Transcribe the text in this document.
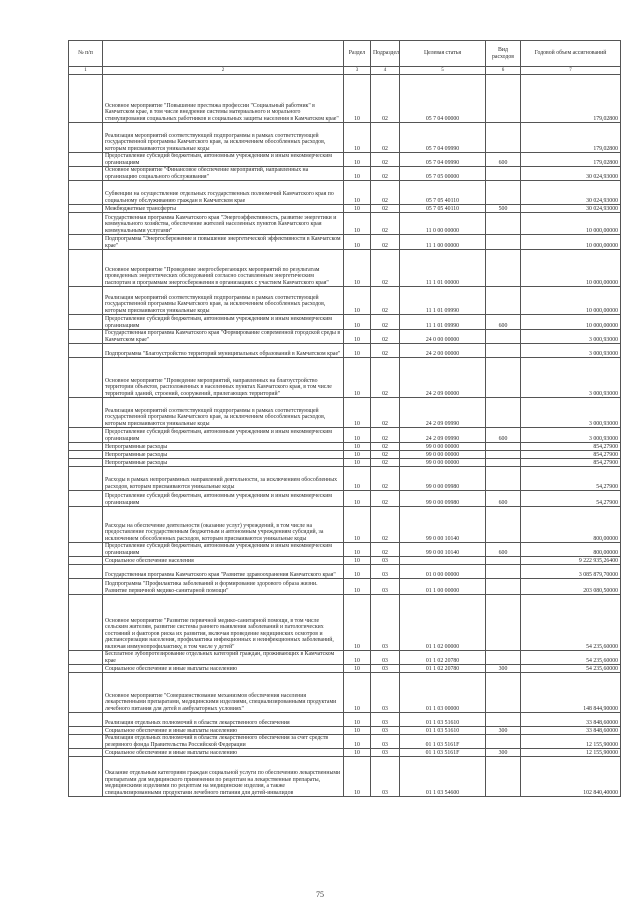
№ п/п		Раздел	Подраздел	Целевая статья	Вид расходов	Годовой объем ассигнований
1	2	3	4	5	6	7
	Основное мероприятие "Повышение престижа профессии "Социальный работник" в Камчатском крае, в том числе внедрение системы материального и морального стимулирования социальных работников и социальных защиты населения в Камчатском крае"	10	02	05 7 04 00000		179,02800
	Реализация мероприятий соответствующей подпрограммы в рамках соответствующей государственной программы Камчатского края, за исключением обособленных расходов, которым присваиваются уникальные коды	10	02	05 7 04 09990		179,02800
	Предоставление субсидий бюджетным, автономным учреждениям и иным некоммерческим организациям	10	02	05 7 04 09990	600	179,02800
	Основное мероприятие "Финансовое обеспечение мероприятий, направленных на организацию социального обслуживания"	10	02	05 7 05 00000		30 024,93000
	Субвенции на осуществление отдельных государственных полномочий Камчатского края по социальному обслуживанию граждан в Камчатском крае	10	02	05 7 05 40110		30 024,93000
	Межбюджетные трансферты	10	02	05 7 05 40110	500	30 024,93000
	Государственная программа Камчатского края "Энергоэффективность, развитие энергетики и коммунального хозяйства, обеспечение жителей населенных пунктов Камчатского края коммунальными услугами"	10	02	11 0 00 00000		10 000,00000
	Подпрограмма "Энергосбережение и повышение энергетической эффективности в Камчатском крае"	10	02	11 1 00 00000		10 000,00000
	Основное мероприятие "Проведение энергосберегающих мероприятий по результатам проведенных энергетических обследований согласно составленным энергетическим паспортам и программам энергосбережения в организациях с участием Камчатского края"	10	02	11 1 01 00000		10 000,00000
	Реализация мероприятий соответствующей подпрограммы в рамках соответствующей государственной программы Камчатского края, за исключением обособленных расходов, которым присваиваются уникальные коды	10	02	11 1 01 09990		10 000,00000
	Предоставление субсидий бюджетным, автономным учреждениям и иным некоммерческим организациям	10	02	11 1 01 09990	600	10 000,00000
	Государственная программа Камчатского края "Формирование современной городской среды в Камчатском крае"	10	02	24 0 00 00000		3 000,93000
	Подпрограмма "Благоустройство территорий муниципальных образований в Камчатском крае"	10	02	24 2 00 00000		3 000,93000
	Основное мероприятие "Проведение мероприятий, направленных на благоустройство территории объектов, расположенных в населенных пунктах Камчатского края, в том числе территорий зданий, строений, сооружений, прилегающих территорий"	10	02	24 2 09 00000		3 000,93000
	Реализация мероприятий соответствующей подпрограммы в рамках соответствующей государственной программы Камчатского края, за исключением обособленных расходов, которым присваиваются уникальные коды	10	02	24 2 09 09990		3 000,93000
	Предоставление субсидий бюджетным, автономным учреждениям и иным некоммерческим организациям	10	02	24 2 09 09990	600	3 000,93000
	Непрограммные расходы	10	02	99 0 00 00000		854,27900
	Непрограммные расходы	10	02	99 0 00 00000		854,27900
	Непрограммные расходы	10	02	99 0 00 00000		854,27900
	Расходы в рамках непрограммных направлений деятельности, за исключением обособленных расходов, которым присваиваются уникальные коды	10	02	99 0 00 09980		54,27900
	Предоставление субсидий бюджетным, автономным учреждениям и иным некоммерческим организациям	10	02	99 0 00 09980	600	54,27900
	Расходы на обеспечение деятельности (оказание услуг) учреждений, в том числе на предоставление государственным бюджетным и автономным учреждениям субсидий, за исключением обособленных расходов, которым присваиваются уникальные коды	10	02	99 0 00 10140		800,00000
	Предоставление субсидий бюджетным, автономным учреждениям и иным некоммерческим организациям	10	02	99 0 00 10140	600	800,00000
	Социальное обеспечение населения	10	03			9 222 935,26400
	Государственная программа Камчатского края "Развитие здравоохранения Камчатского края"	10	03	01 0 00 00000		3 085 879,70000
	Подпрограмма "Профилактика заболеваний и формирование здорового образа жизни. Развитие первичной медико-санитарной помощи"	10	03	01 1 00 00000		203 080,50000
	Основное мероприятие "Развитие первичной медико-санитарной помощи, в том числе сельским жителям, развитие системы раннего выявления заболеваний и патологических состояний и факторов риска их развития, включая проведение медицинских осмотров и диспансеризации населения, профилактика инфекционных и неинфекционных заболеваний, включая иммунопрофилактику, в том числе у детей"	10	03	01 1 02 00000		54 235,60000
	Бесплатное зубопротезирование отдельных категорий граждан, проживающих в Камчатском крае	10	03	01 1 02 20780		54 235,60000
	Социальное обеспечение и иные выплаты населению	10	03	01 1 02 20780	300	54 235,60000
	Основное мероприятие "Совершенствование механизмов обеспечения населения лекарственными препаратами, медицинскими изделиями, специализированными продуктами лечебного питания для детей в амбулаторных условиях"	10	03	01 1 03 00000		148 844,90000
	Реализация отдельных полномочий в области лекарственного обеспечения	10	03	01 1 03 51610		33 848,60000
	Социальное обеспечение и иные выплаты населению	10	03	01 1 03 51610	300	33 848,60000
	Реализация отдельных полномочий в области лекарственного обеспечения за счет средств резервного фонда Правительства Российской Федерации	10	03	01 1 03 5161F		12 155,90000
	Социальное обеспечение и иные выплаты населению	10	03	01 1 03 5161F	300	12 155,90000
	Оказание отдельным категориям граждан социальной услуги по обеспечению лекарственными препаратами для медицинского применения по рецептам на лекарственные препараты, медицинскими изделиями по рецептам на медицинские изделия, а также специализированными продуктами лечебного питания для детей-инвалидов	10	03	01 1 03 54600		102 840,40000
75
